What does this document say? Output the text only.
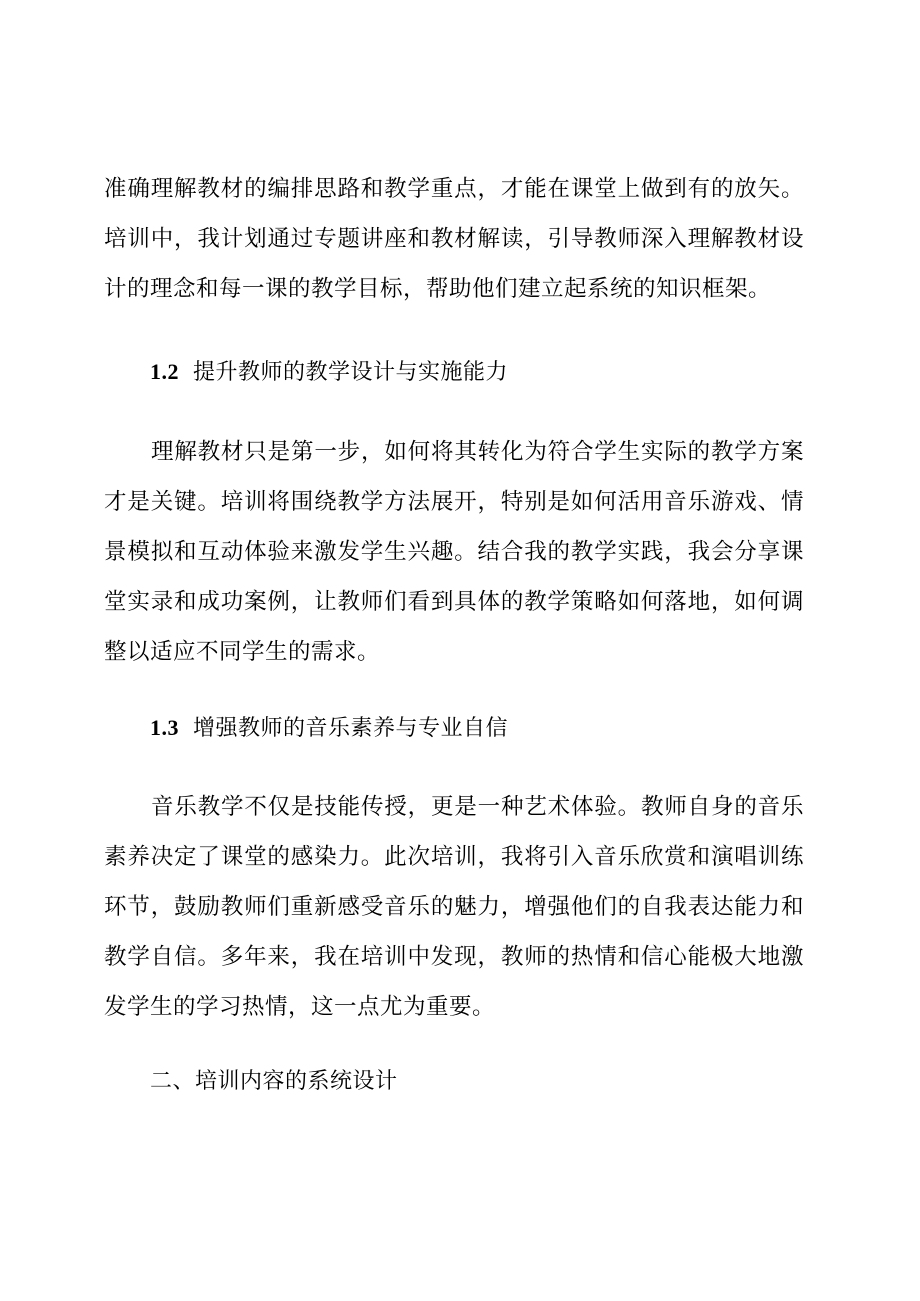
准确理解教材的编排思路和教学重点，才能在课堂上做到有的放矢。培训中，我计划通过专题讲座和教材解读，引导教师深入理解教材设计的理念和每一课的教学目标，帮助他们建立起系统的知识框架。

1.2 提升教师的教学设计与实施能力

理解教材只是第一步，如何将其转化为符合学生实际的教学方案才是关键。培训将围绕教学方法展开，特别是如何活用音乐游戏、情景模拟和互动体验来激发学生兴趣。结合我的教学实践，我会分享课堂实录和成功案例，让教师们看到具体的教学策略如何落地，如何调整以适应不同学生的需求。

1.3 增强教师的音乐素养与专业自信

音乐教学不仅是技能传授，更是一种艺术体验。教师自身的音乐素养决定了课堂的感染力。此次培训，我将引入音乐欣赏和演唱训练环节，鼓励教师们重新感受音乐的魅力，增强他们的自我表达能力和教学自信。多年来，我在培训中发现，教师的热情和信心能极大地激发学生的学习热情，这一点尤为重要。

二、培训内容的系统设计
